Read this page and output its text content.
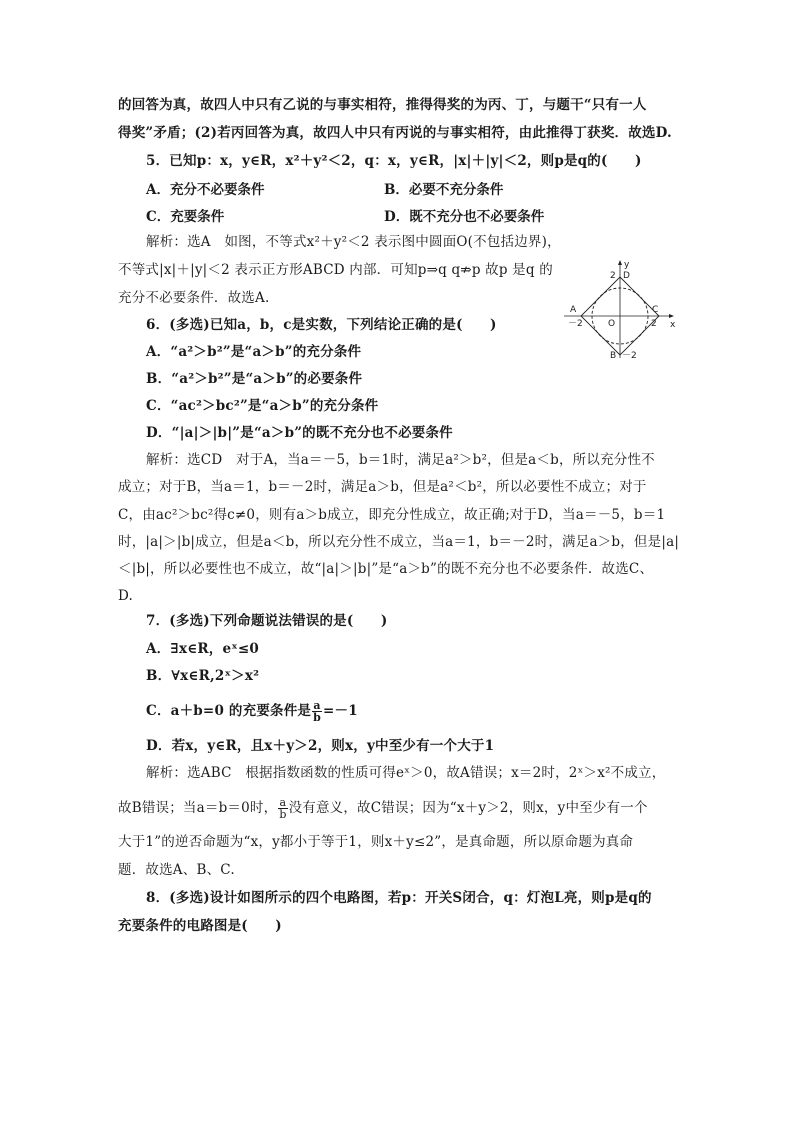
的回答为真，故四人中只有乙说的与事实相符，推得得奖的为丙、丁，与题干“只有一人
得奖”矛盾；(2)若丙回答为真，故四人中只有丙说的与事实相符，由此推得丁获奖．故选D.
5．已知p：x，y∈R，x²＋y²＜2，q：x，y∈R，|x|＋|y|＜2，则p是q的(　　)
A．充分不必要条件	B．必要不充分条件
C．充要条件	D．既不充分也不必要条件
解析：选A　如图，不等式x²＋y²＜2 表示图中圆面O(不包括边界)，
不等式|x|＋|y|＜2 表示正方形ABCD 内部．可知p⇒q q⇏p 故p 是q 的
充分不必要条件．故选A.
y
x
D
2
A	C
－2	O	2
B －2
6．(多选)已知a，b，c是实数，下列结论正确的是(　　)
A．“a²＞b²”是“a＞b”的充分条件
B．“a²＞b²”是“a＞b”的必要条件
C．“ac²＞bc²”是“a＞b”的充分条件
D．“|a|＞|b|”是“a＞b”的既不充分也不必要条件
解析：选CD　对于A，当a＝－5，b＝1时，满足a²＞b²，但是a＜b，所以充分性不
成立；对于B，当a＝1，b＝－2时，满足a＞b，但是a²＜b²，所以必要性不成立；对于
C，由ac²＞bc²得c≠0，则有a＞b成立，即充分性成立，故正确;对于D，当a＝－5，b＝1
时，|a|＞|b|成立，但是a＜b，所以充分性不成立，当a＝1，b＝－2时，满足a＞b，但是|a|
＜|b|，所以必要性也不成立，故“|a|＞|b|”是“a＞b”的既不充分也不必要条件．故选C、
D.
7．(多选)下列命题说法错误的是(　　)
A．∃x∈R，eˣ≤0
B．∀x∈R,2ˣ＞x²
C．a＋b=0 的充要条件是 $\frac{a}{b} =-1$
D．若x，y∈R，且x＋y＞2，则x，y中至少有一个大于1
解析：选ABC　根据指数函数的性质可得eˣ＞0，故A错误；x＝2时，2ˣ＞x²不成立，
故B错误；当a＝b＝0时， $\frac{a}{b}$ 没有意义，故C错误；因为“x＋y＞2，则x，y中至少有一个
大于1”的逆否命题为“x，y都小于等于1，则x＋y≤2”，是真命题，所以原命题为真命
题．故选A、B、C.
8．(多选)设计如图所示的四个电路图，若p：开关S闭合，q：灯泡L亮，则p是q的
充要条件的电路图是(　　)
